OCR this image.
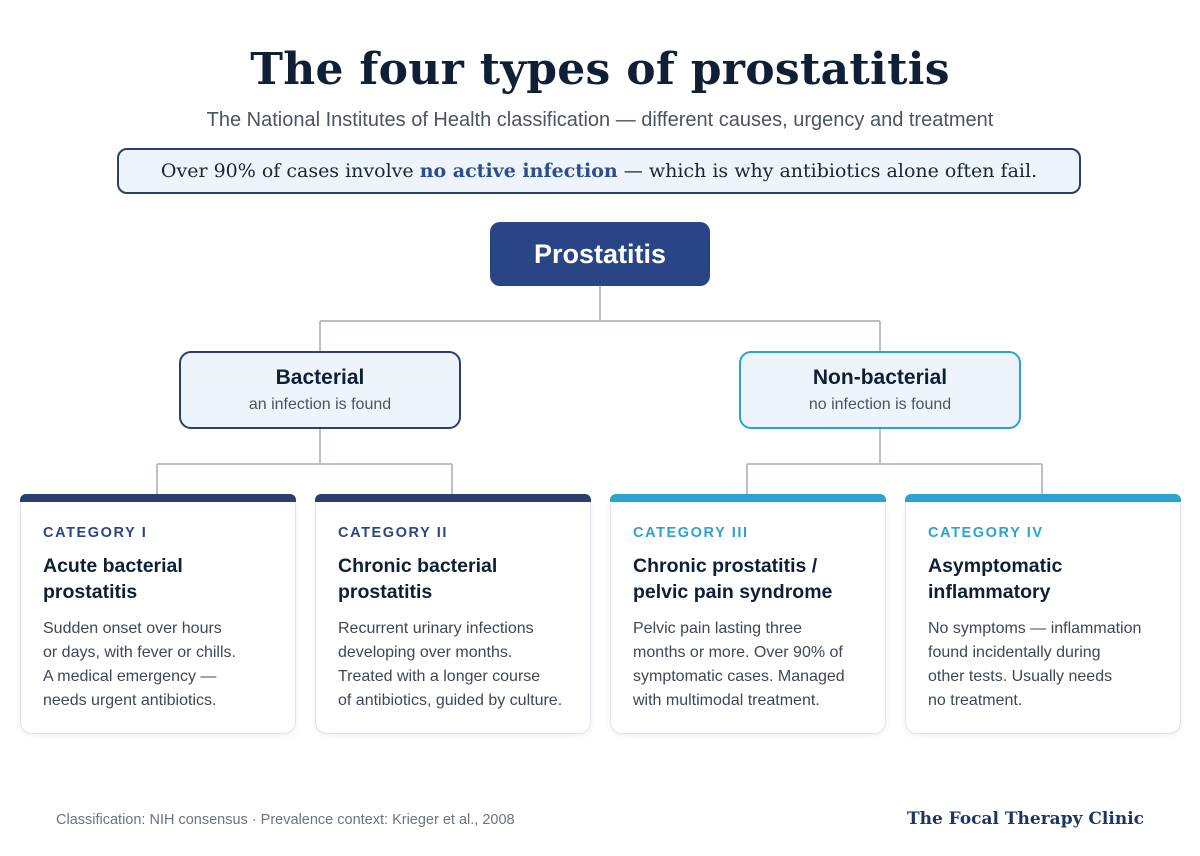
The four types of prostatitis
The National Institutes of Health classification — different causes, urgency and treatment
Over 90% of cases involve no active infection — which is why antibiotics alone often fail.
Prostatitis
Bacterial
an infection is found
Non-bacterial
no infection is found
CATEGORY I
Acute bacterial
prostatitis
Sudden onset over hours
or days, with fever or chills.
A medical emergency —
needs urgent antibiotics.
CATEGORY II
Chronic bacterial
prostatitis
Recurrent urinary infections
developing over months.
Treated with a longer course
of antibiotics, guided by culture.
CATEGORY III
Chronic prostatitis /
pelvic pain syndrome
Pelvic pain lasting three
months or more. Over 90% of
symptomatic cases. Managed
with multimodal treatment.
CATEGORY IV
Asymptomatic
inflammatory
No symptoms — inflammation
found incidentally during
other tests. Usually needs
no treatment.
Classification: NIH consensus · Prevalence context: Krieger et al., 2008	The Focal Therapy Clinic
